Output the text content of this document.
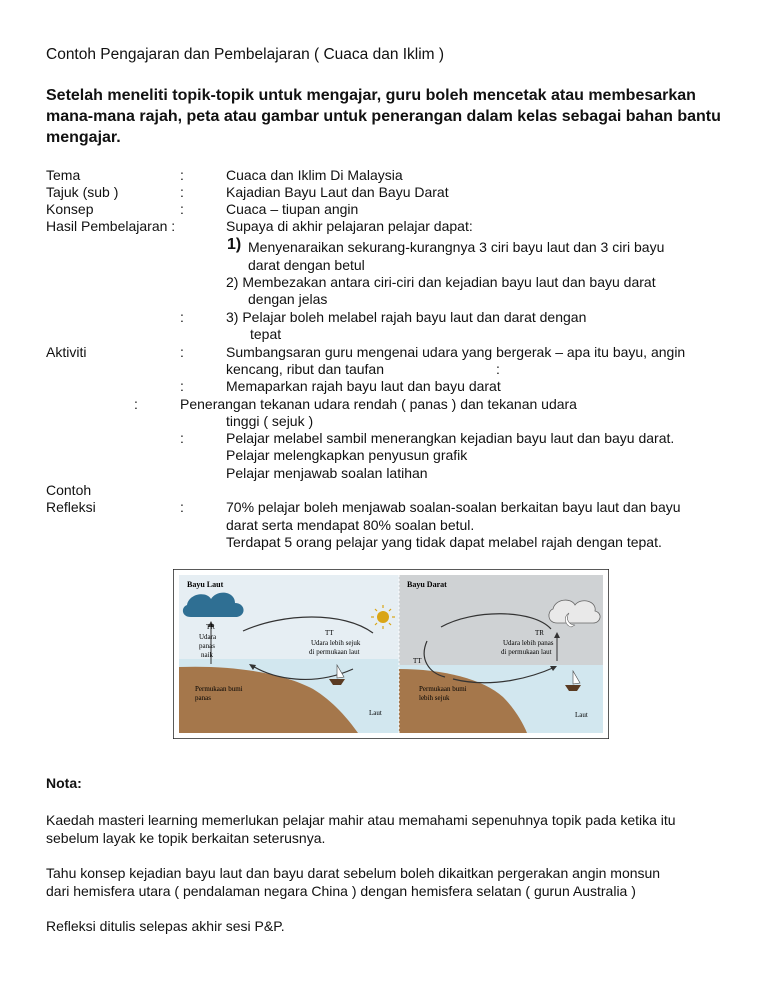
Contoh Pengajaran dan Pembelajaran ( Cuaca dan Iklim )
Setelah meneliti topik-topik untuk mengajar, guru boleh mencetak atau membesarkan mana-mana rajah, peta atau gambar untuk penerangan dalam kelas sebagai bahan bantu mengajar.
Tema	:	Cuaca dan Iklim Di Malaysia
Tajuk (sub )	:	Kajadian Bayu Laut dan Bayu Darat
Konsep	:	Cuaca – tiupan angin
Hasil Pembelajaran :	Supaya di akhir pelajaran pelajar dapat:
1) Menyenaraikan sekurang-kurangnya 3 ciri bayu laut dan 3 ciri bayu
darat dengan betul
2) Membezakan antara ciri-ciri dan kejadian bayu laut dan bayu darat
dengan jelas
:	3) Pelajar boleh melabel rajah bayu laut dan darat dengan
tepat
Aktiviti	:	Sumbangsaran guru mengenai udara yang bergerak – apa itu bayu, angin
kencang, ribut dan taufan	:
:	Memaparkan rajah bayu laut dan bayu darat
:	Penerangan tekanan udara rendah ( panas ) dan tekanan udara
tinggi ( sejuk )
:	Pelajar melabel sambil menerangkan kejadian bayu laut dan bayu darat.
Pelajar melengkapkan penyusun grafik
Pelajar menjawab soalan latihan
Contoh
Refleksi	:	70% pelajar boleh menjawab soalan-soalan berkaitan bayu laut dan bayu
darat serta mendapat 80% soalan betul.
Terdapat 5 orang pelajar yang tidak dapat melabel rajah dengan tepat.
Bayu Laut
TR
Udara
panas
naik
TT
Udara lebih sejuk
di permukaan laut
Permukaan bumi
panas
Laut
Bayu Darat
TR
Udara lebih panas
di permukaan laut
TT
Permukaan bumi
lebih sejuk
Laut
Nota:
Kaedah masteri learning memerlukan pelajar mahir atau memahami sepenuhnya topik pada ketika itu
sebelum layak ke topik berkaitan seterusnya.
Tahu konsep kejadian bayu laut dan bayu darat sebelum boleh dikaitkan pergerakan angin monsun
dari hemisfera utara ( pendalaman negara China ) dengan hemisfera selatan ( gurun Australia )
Refleksi ditulis selepas akhir sesi P&P.
